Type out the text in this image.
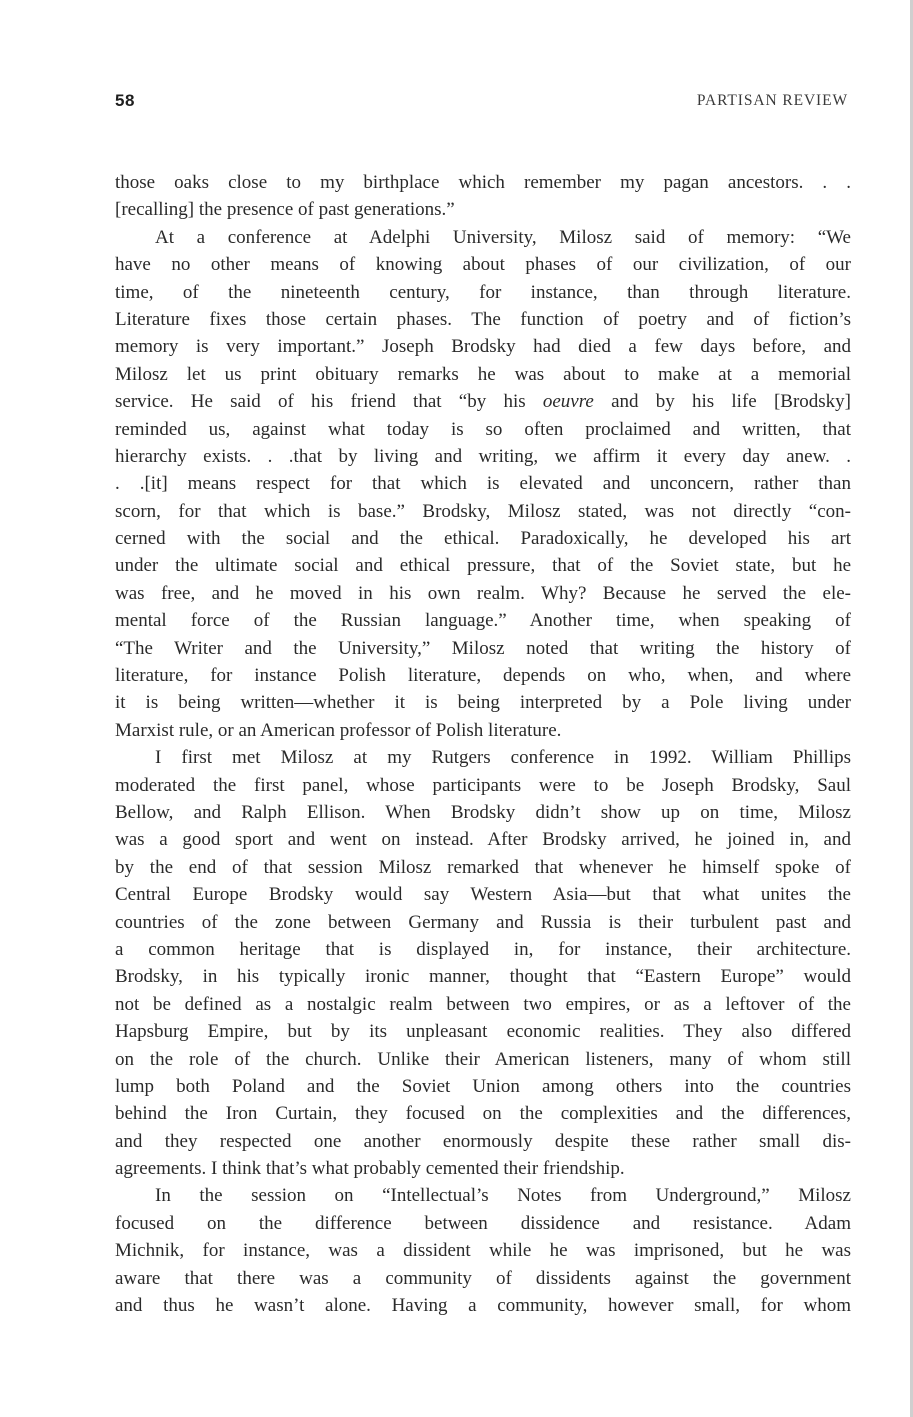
58	PARTISAN REVIEW
those oaks close to my birthplace which remember my pagan ancestors. . .
[recalling] the presence of past generations.”
At a conference at Adelphi University, Milosz said of memory: “We
have no other means of knowing about phases of our civilization, of our
time, of the nineteenth century, for instance, than through literature.
Literature fixes those certain phases. The function of poetry and of fiction’s
memory is very important.” Joseph Brodsky had died a few days before, and
Milosz let us print obituary remarks he was about to make at a memorial
service. He said of his friend that “by his oeuvre and by his life [Brodsky]
reminded us, against what today is so often proclaimed and written, that
hierarchy exists. . .that by living and writing, we affirm it every day anew. .
. .[it] means respect for that which is elevated and unconcern, rather than
scorn, for that which is base.” Brodsky, Milosz stated, was not directly “con-
cerned with the social and the ethical. Paradoxically, he developed his art
under the ultimate social and ethical pressure, that of the Soviet state, but he
was free, and he moved in his own realm. Why? Because he served the ele-
mental force of the Russian language.” Another time, when speaking of
“The Writer and the University,” Milosz noted that writing the history of
literature, for instance Polish literature, depends on who, when, and where
it is being written—whether it is being interpreted by a Pole living under
Marxist rule, or an American professor of Polish literature.
I first met Milosz at my Rutgers conference in 1992. William Phillips
moderated the first panel, whose participants were to be Joseph Brodsky, Saul
Bellow, and Ralph Ellison. When Brodsky didn’t show up on time, Milosz
was a good sport and went on instead. After Brodsky arrived, he joined in, and
by the end of that session Milosz remarked that whenever he himself spoke of
Central Europe Brodsky would say Western Asia—but that what unites the
countries of the zone between Germany and Russia is their turbulent past and
a common heritage that is displayed in, for instance, their architecture.
Brodsky, in his typically ironic manner, thought that “Eastern Europe” would
not be defined as a nostalgic realm between two empires, or as a leftover of the
Hapsburg Empire, but by its unpleasant economic realities. They also differed
on the role of the church. Unlike their American listeners, many of whom still
lump both Poland and the Soviet Union among others into the countries
behind the Iron Curtain, they focused on the complexities and the differences,
and they respected one another enormously despite these rather small dis-
agreements. I think that’s what probably cemented their friendship.
In the session on “Intellectual’s Notes from Underground,” Milosz
focused on the difference between dissidence and resistance. Adam
Michnik, for instance, was a dissident while he was imprisoned, but he was
aware that there was a community of dissidents against the government
and thus he wasn’t alone. Having a community, however small, for whom
